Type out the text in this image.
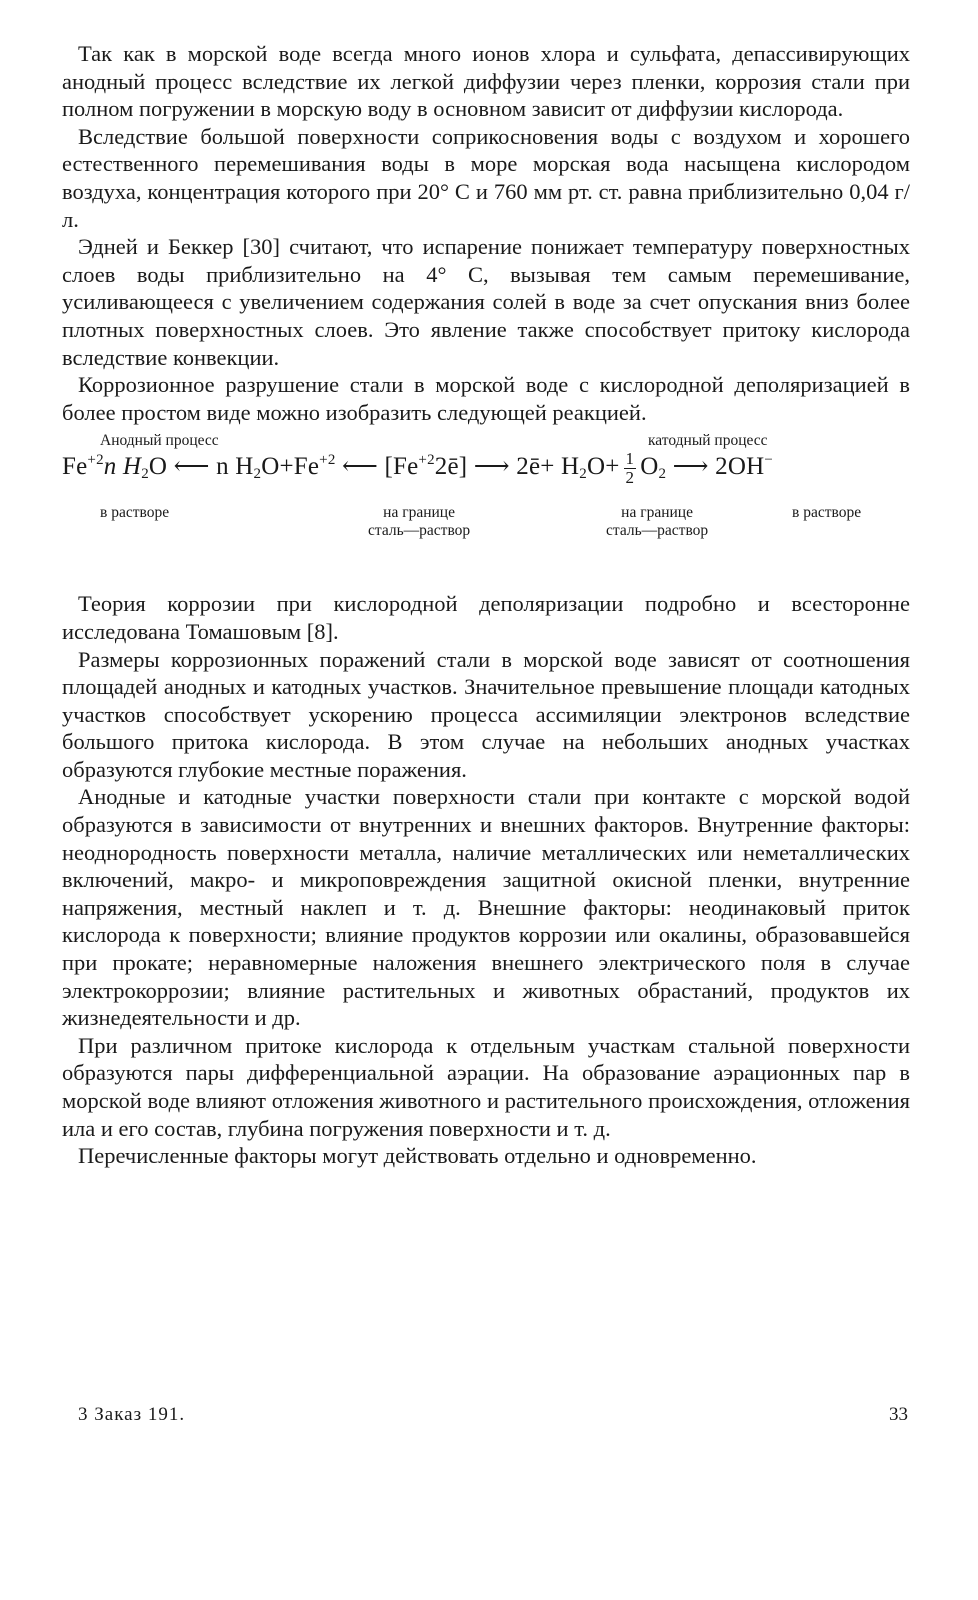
Так как в морской воде всегда много ионов хлора и сульфата, депассивирующих анодный процесс вследствие их легкой диффузии через пленки, коррозия стали при полном погружении в морскую воду в основном зависит от диффузии кислорода.

Вследствие большой поверхности соприкосновения воды с воздухом и хорошего естественного перемешивания воды в море морская вода насыщена кислородом воздуха, концентрация которого при 20° С и 760 мм рт. ст. равна приблизительно 0,04 г/л.

Эдней и Беккер [30] считают, что испарение понижает температуру поверхностных слоев воды приблизительно на 4° С, вызывая тем самым перемешивание, усиливающееся с увеличением содержания солей в воде за счет опускания вниз более плотных поверхностных слоев. Это явление также способствует притоку кислорода вследствие конвекции.

Коррозионное разрушение стали в морской воде с кислородной деполяризацией в более простом виде можно изобразить следующей реакцией.

Анодный процесс	катодный процесс
$Fe^{+2}n$ $H_2O$ ⟵ n $H_2O+Fe^{+2}$ ⟵ $[Fe^{+2}2ē]$ ⟶ 2ē+ $H_2O+ \frac{1}{2} O_2$ ⟶ 2OH−
в растворе	на границе
сталь—раствор
на границе
сталь—раствор
в растворе

Теория коррозии при кислородной деполяризации подробно и всесторонне исследована Томашовым [8].

Размеры коррозионных поражений стали в морской воде зависят от соотношения площадей анодных и катодных участков. Значительное превышение площади катодных участков способствует ускорению процесса ассимиляции электронов вследствие большого притока кислорода. В этом случае на небольших анодных участках образуются глубокие местные поражения.

Анодные и катодные участки поверхности стали при контакте с морской водой образуются в зависимости от внутренних и внешних факторов. Внутренние факторы: неоднородность поверхности металла, наличие металлических или неметаллических включений, макро- и микроповреждения защитной окисной пленки, внутренние напряжения, местный наклеп и т. д. Внешние факторы: неодинаковый приток кислорода к поверхности; влияние продуктов коррозии или окалины, образовавшейся при прокате; неравномерные наложения внешнего электрического поля в случае электрокоррозии; влияние растительных и животных обрастаний, продуктов их жизнедеятельности и др.

При различном притоке кислорода к отдельным участкам стальной поверхности образуются пары дифференциальной аэрации. На образование аэрационных пар в морской воде влияют отложения животного и растительного происхождения, отложения ила и его состав, глубина погружения поверхности и т. д.

Перечисленные факторы могут действовать отдельно и одновременно.

3 Заказ 191.	33
